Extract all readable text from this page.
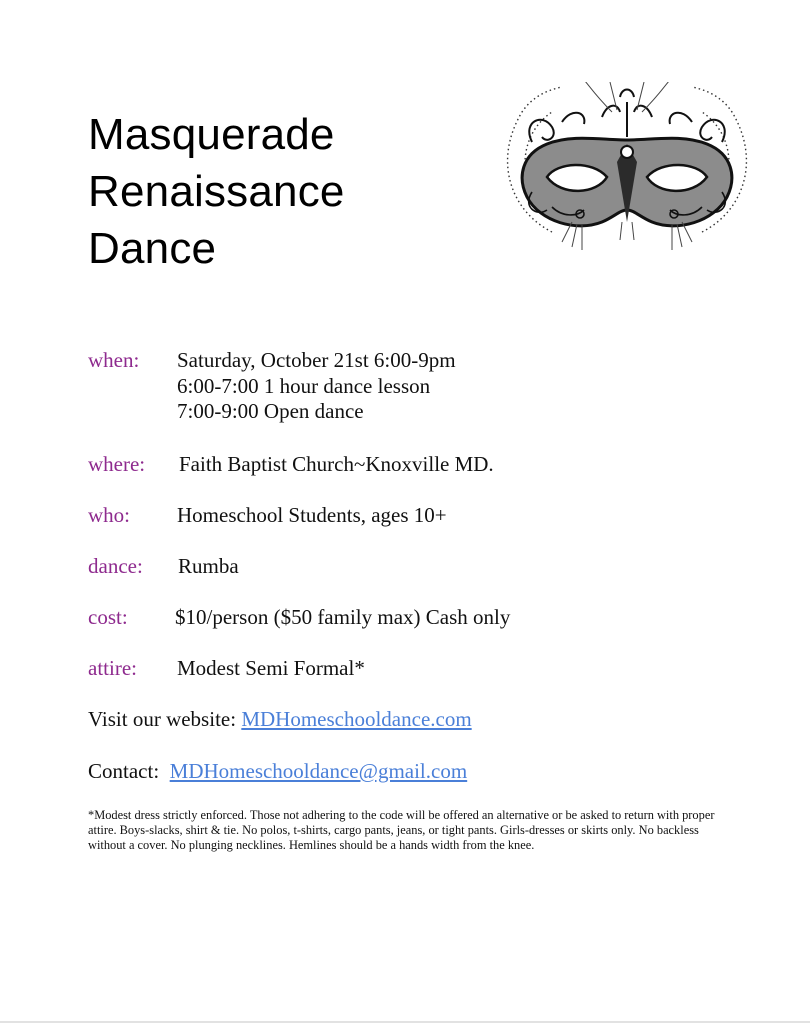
Masquerade
Renaissance
Dance
when: Saturday, October 21st 6:00-9pm
6:00-7:00 1 hour dance lesson
7:00-9:00 Open dance
where: Faith Baptist Church~Knoxville MD.
who: Homeschool Students, ages 10+
dance: Rumba
cost: $10/person ($50 family max) Cash only
attire: Modest Semi Formal*
Visit our website: MDHomeschooldance.com
Contact: MDHomeschooldance@gmail.com
*Modest dress strictly enforced. Those not adhering to the code will be offered an alternative or be asked to return with proper attire. Boys-slacks, shirt & tie. No polos, t-shirts, cargo pants, jeans, or tight pants. Girls-dresses or skirts only. No backless without a cover. No plunging necklines. Hemlines should be a hands width from the knee.
